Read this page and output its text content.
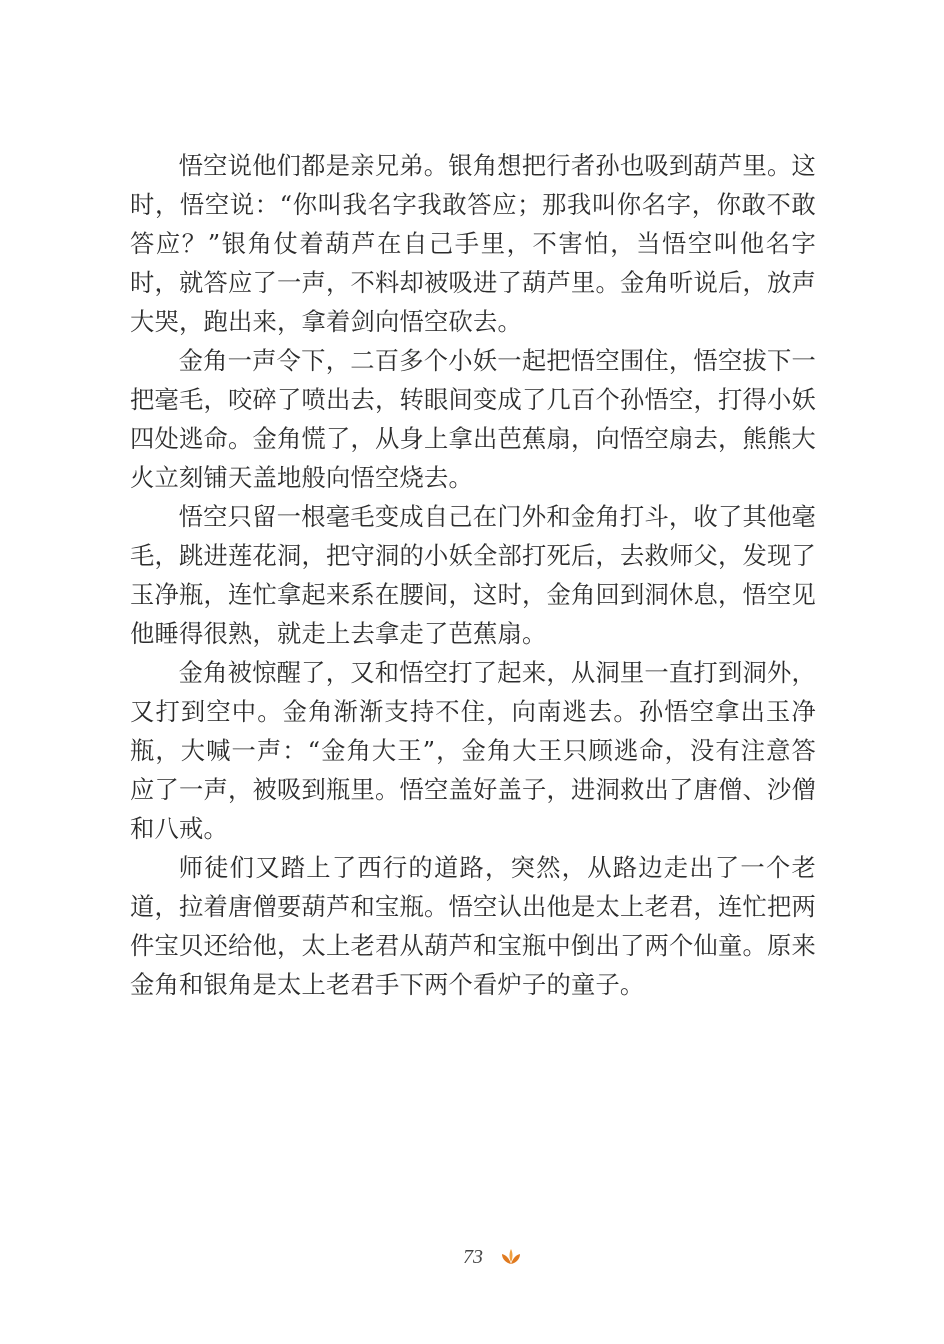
悟空说他们都是亲兄弟。银角想把行者孙也吸到葫芦里。这时，悟空说：“你叫我名字我敢答应；那我叫你名字，你敢不敢答应？”银角仗着葫芦在自己手里，不害怕，当悟空叫他名字时，就答应了一声，不料却被吸进了葫芦里。金角听说后，放声大哭，跑出来，拿着剑向悟空砍去。

金角一声令下，二百多个小妖一起把悟空围住，悟空拔下一把毫毛，咬碎了喷出去，转眼间变成了几百个孙悟空，打得小妖四处逃命。金角慌了，从身上拿出芭蕉扇，向悟空扇去，熊熊大火立刻铺天盖地般向悟空烧去。

悟空只留一根毫毛变成自己在门外和金角打斗，收了其他毫毛，跳进莲花洞，把守洞的小妖全部打死后，去救师父，发现了玉净瓶，连忙拿起来系在腰间，这时，金角回到洞休息，悟空见他睡得很熟，就走上去拿走了芭蕉扇。

金角被惊醒了，又和悟空打了起来，从洞里一直打到洞外，又打到空中。金角渐渐支持不住，向南逃去。孙悟空拿出玉净瓶，大喊一声：“金角大王”，金角大王只顾逃命，没有注意答应了一声，被吸到瓶里。悟空盖好盖子，进洞救出了唐僧、沙僧和八戒。

师徒们又踏上了西行的道路，突然，从路边走出了一个老道，拉着唐僧要葫芦和宝瓶。悟空认出他是太上老君，连忙把两件宝贝还给他，太上老君从葫芦和宝瓶中倒出了两个仙童。原来金角和银角是太上老君手下两个看炉子的童子。

73
